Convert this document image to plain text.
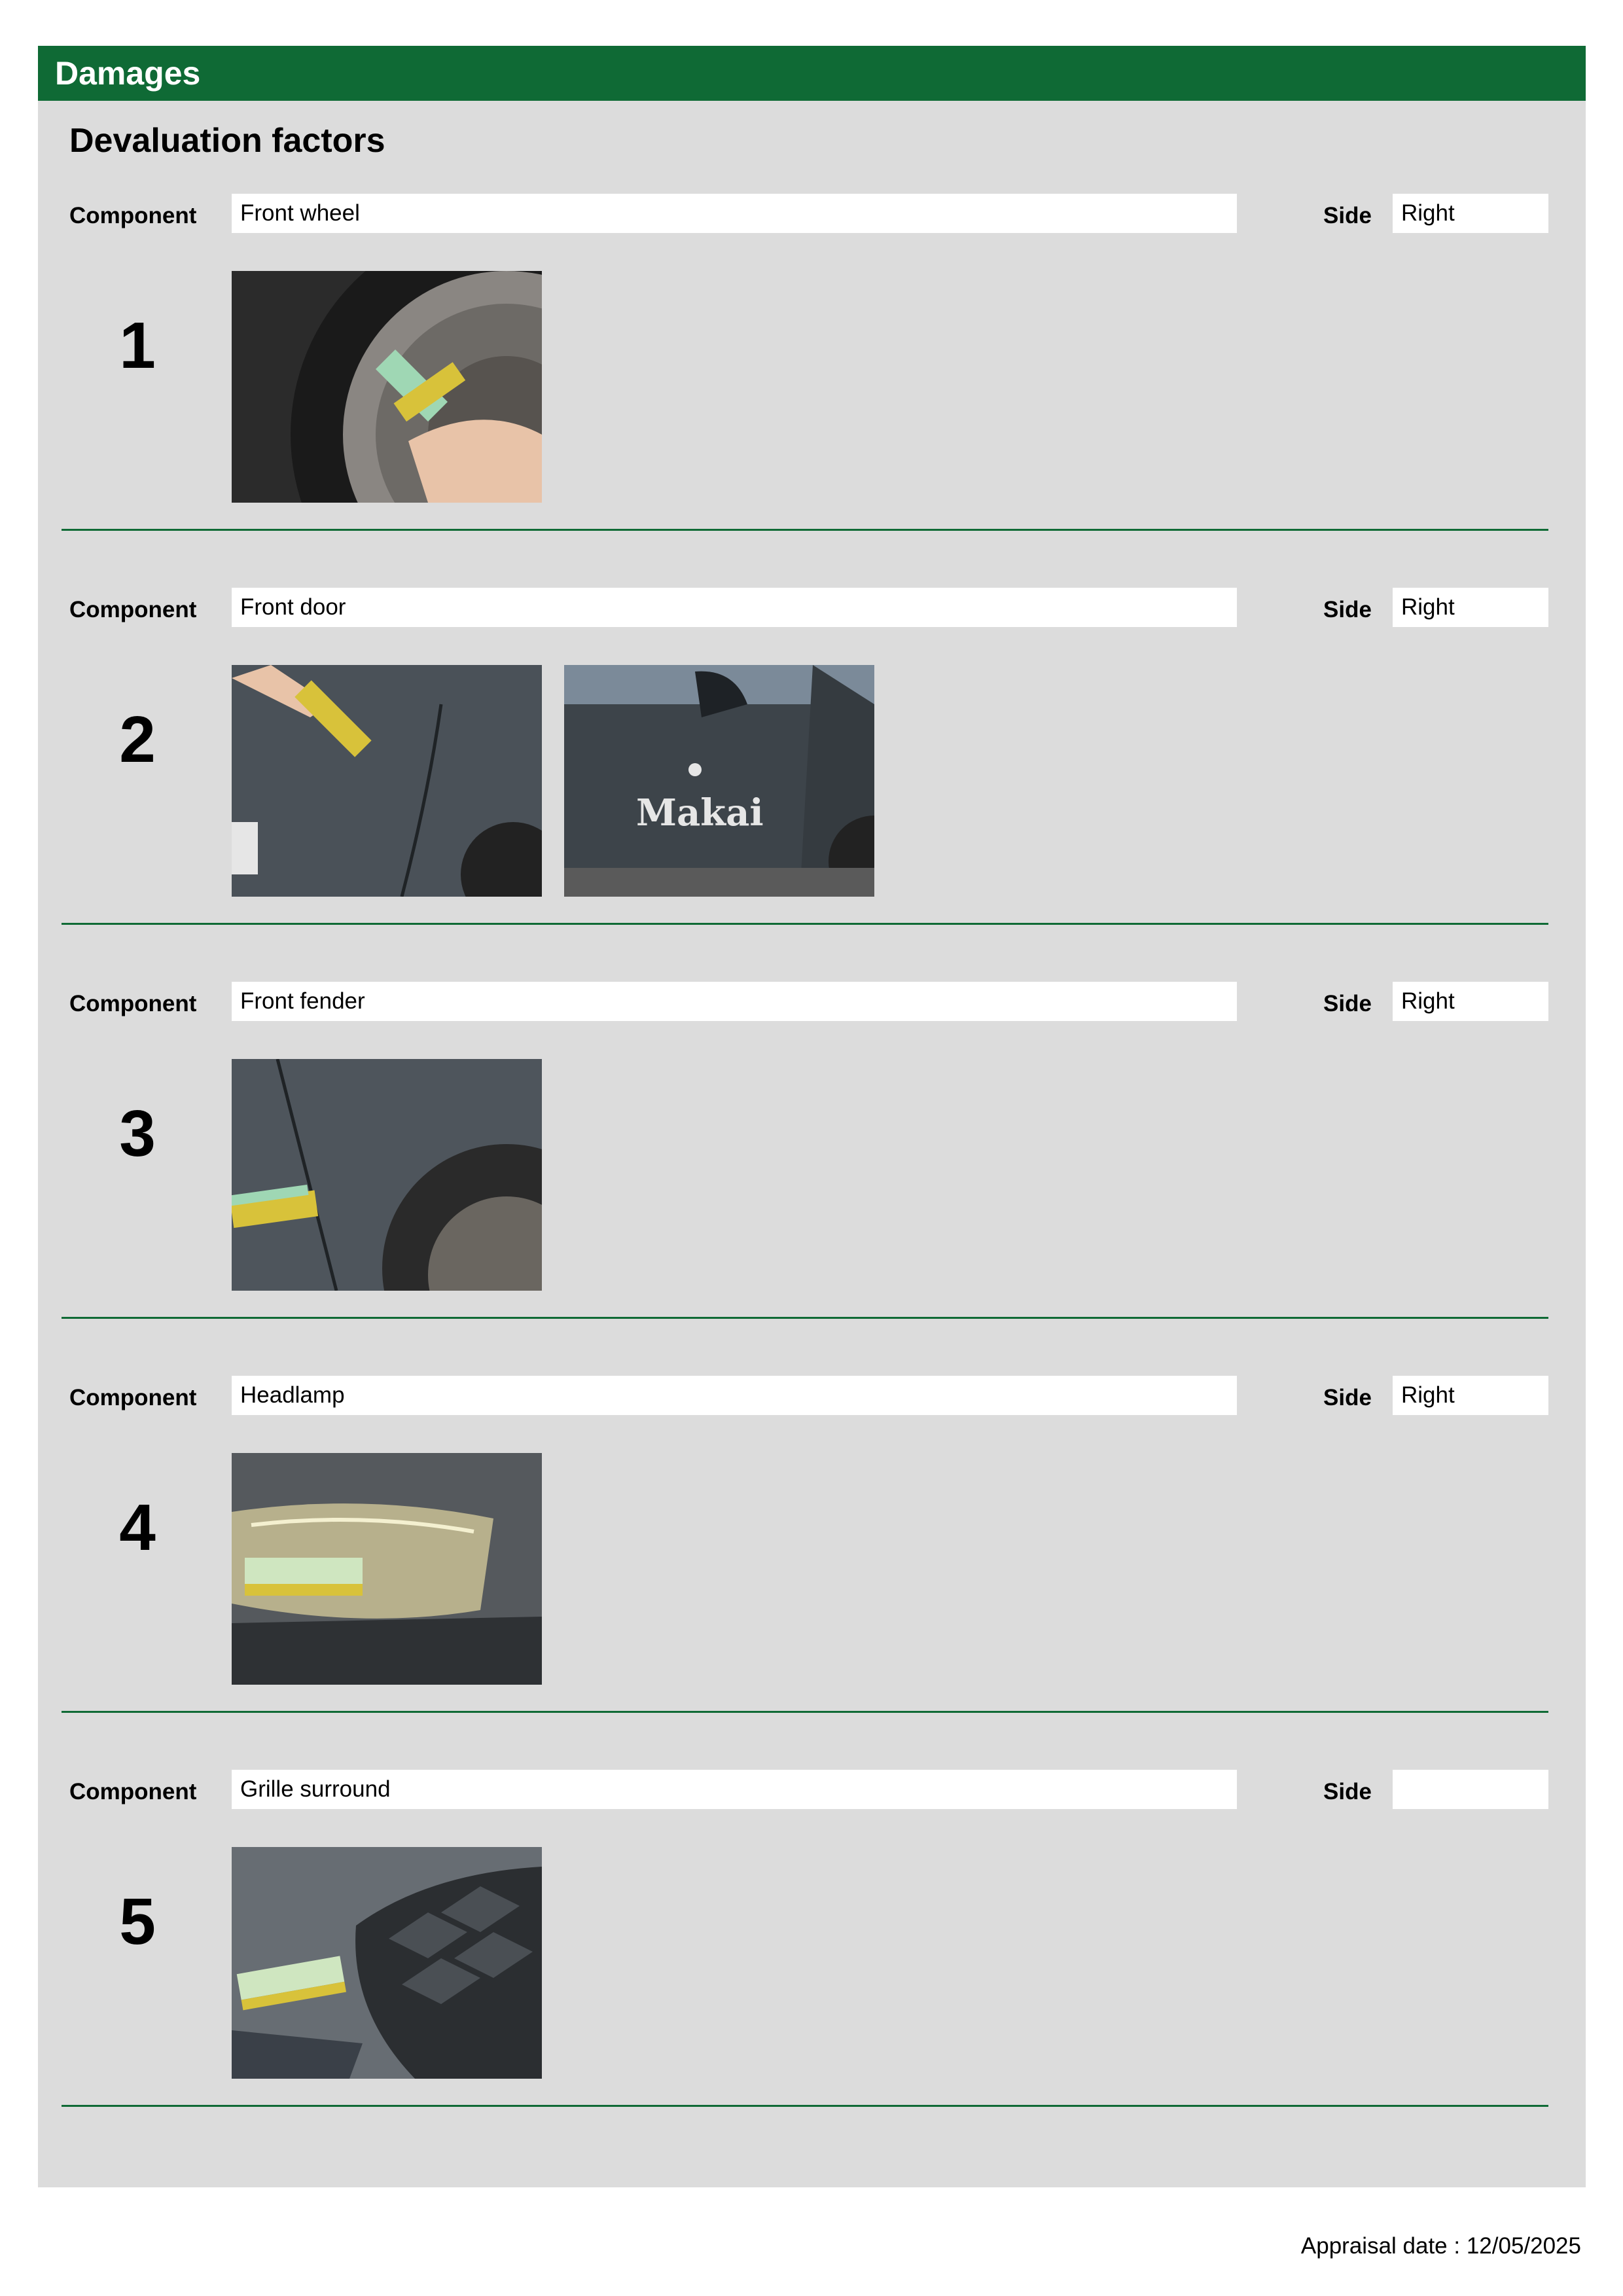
Damages
Devaluation factors
Component	Front wheel	Side	Right
1
Component	Front door	Side	Right
2
Makai
Component	Front fender	Side	Right
3
Component	Headlamp	Side	Right
4
Component	Grille surround	Side
5
Appraisal date : 12/05/2025
